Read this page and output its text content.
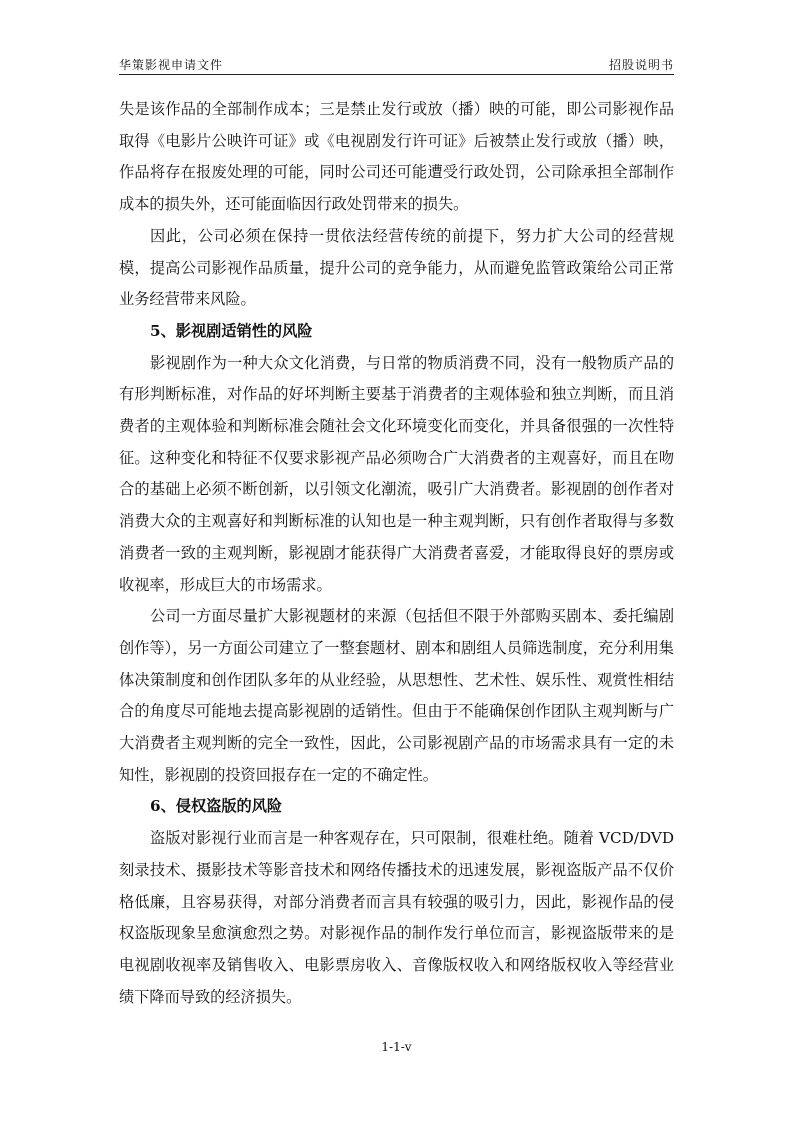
华策影视申请文件	招股说明书

失是该作品的全部制作成本；三是禁止发行或放（播）映的可能，即公司影视作品取得《电影片公映许可证》或《电视剧发行许可证》后被禁止发行或放（播）映，作品将存在报废处理的可能，同时公司还可能遭受行政处罚，公司除承担全部制作成本的损失外，还可能面临因行政处罚带来的损失。

因此，公司必须在保持一贯依法经营传统的前提下，努力扩大公司的经营规模，提高公司影视作品质量，提升公司的竞争能力，从而避免监管政策给公司正常业务经营带来风险。

5、影视剧适销性的风险

影视剧作为一种大众文化消费，与日常的物质消费不同，没有一般物质产品的有形判断标准，对作品的好坏判断主要基于消费者的主观体验和独立判断，而且消费者的主观体验和判断标准会随社会文化环境变化而变化，并具备很强的一次性特征。这种变化和特征不仅要求影视产品必须吻合广大消费者的主观喜好，而且在吻合的基础上必须不断创新，以引领文化潮流，吸引广大消费者。影视剧的创作者对消费大众的主观喜好和判断标准的认知也是一种主观判断，只有创作者取得与多数消费者一致的主观判断，影视剧才能获得广大消费者喜爱，才能取得良好的票房或收视率，形成巨大的市场需求。

公司一方面尽量扩大影视题材的来源（包括但不限于外部购买剧本、委托编剧创作等），另一方面公司建立了一整套题材、剧本和剧组人员筛选制度，充分利用集体决策制度和创作团队多年的从业经验，从思想性、艺术性、娱乐性、观赏性相结合的角度尽可能地去提高影视剧的适销性。但由于不能确保创作团队主观判断与广大消费者主观判断的完全一致性，因此，公司影视剧产品的市场需求具有一定的未知性，影视剧的投资回报存在一定的不确定性。

6、侵权盗版的风险

盗版对影视行业而言是一种客观存在，只可限制，很难杜绝。随着 VCD/DVD 刻录技术、摄影技术等影音技术和网络传播技术的迅速发展，影视盗版产品不仅价格低廉，且容易获得，对部分消费者而言具有较强的吸引力，因此，影视作品的侵权盗版现象呈愈演愈烈之势。对影视作品的制作发行单位而言，影视盗版带来的是电视剧收视率及销售收入、电影票房收入、音像版权收入和网络版权收入等经营业绩下降而导致的经济损失。

1-1-v
